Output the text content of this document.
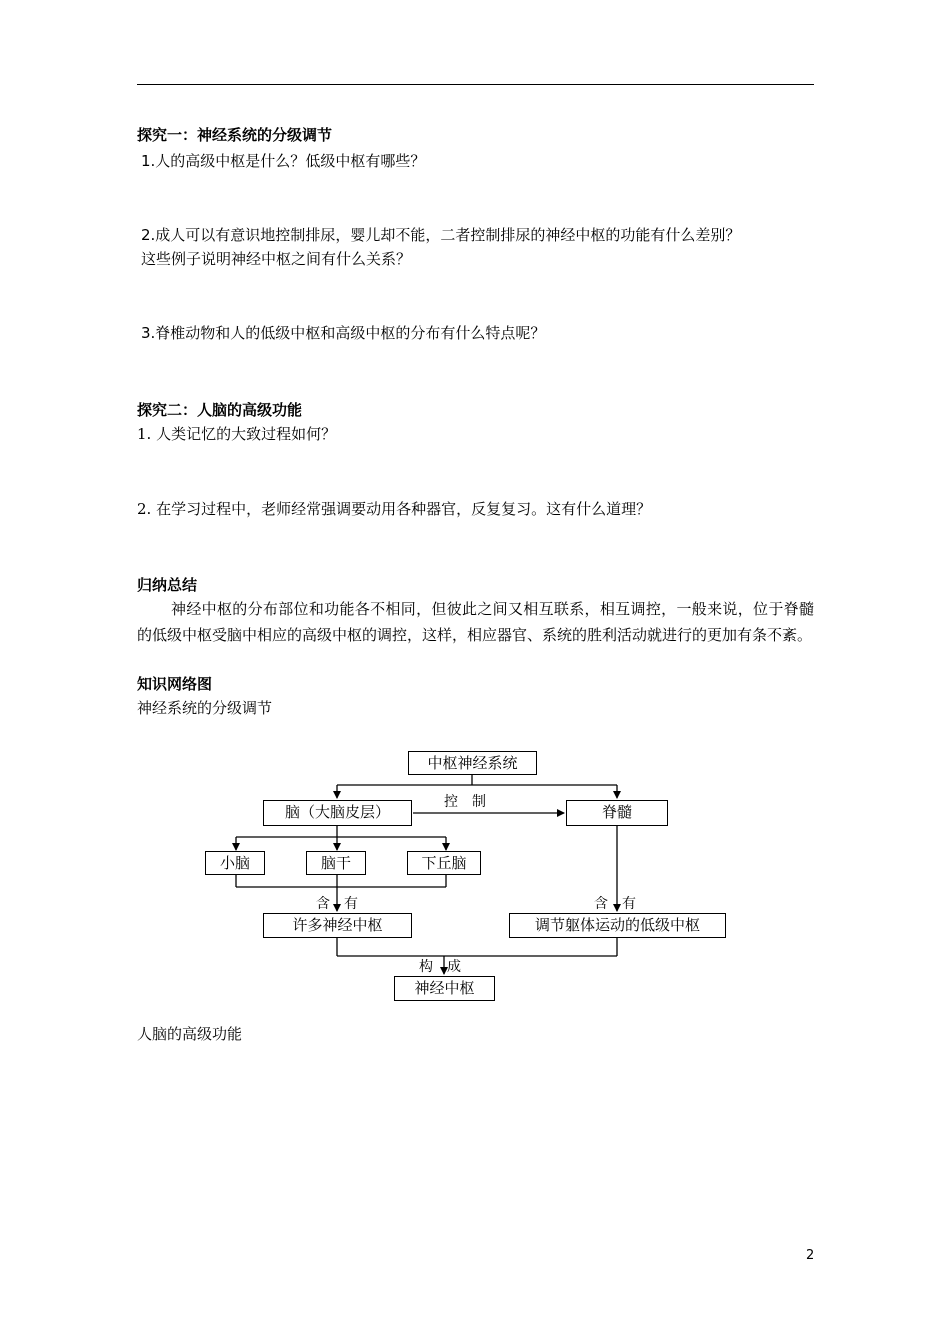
探究一：神经系统的分级调节
1.人的高级中枢是什么？低级中枢有哪些？
2.成人可以有意识地控制排尿，婴儿却不能，二者控制排尿的神经中枢的功能有什么差别？
这些例子说明神经中枢之间有什么关系？
3.脊椎动物和人的低级中枢和高级中枢的分布有什么特点呢？
探究二：人脑的高级功能
1. 人类记忆的大致过程如何？
2. 在学习过程中，老师经常强调要动用各种器官，反复复习。这有什么道理？
归纳总结
神经中枢的分布部位和功能各不相同，但彼此之间又相互联系，相互调控，一般来说，位于脊髓的低级中枢受脑中相应的高级中枢的调控，这样，相应器官、系统的胜利活动就进行的更加有条不紊。
知识网络图
神经系统的分级调节
中枢神经系统
脑（大脑皮层）	脊髓
控　制
小脑	脑干	下丘脑
含　有	含　有
许多神经中枢	调节躯体运动的低级中枢
构　成
神经中枢
人脑的高级功能
2
